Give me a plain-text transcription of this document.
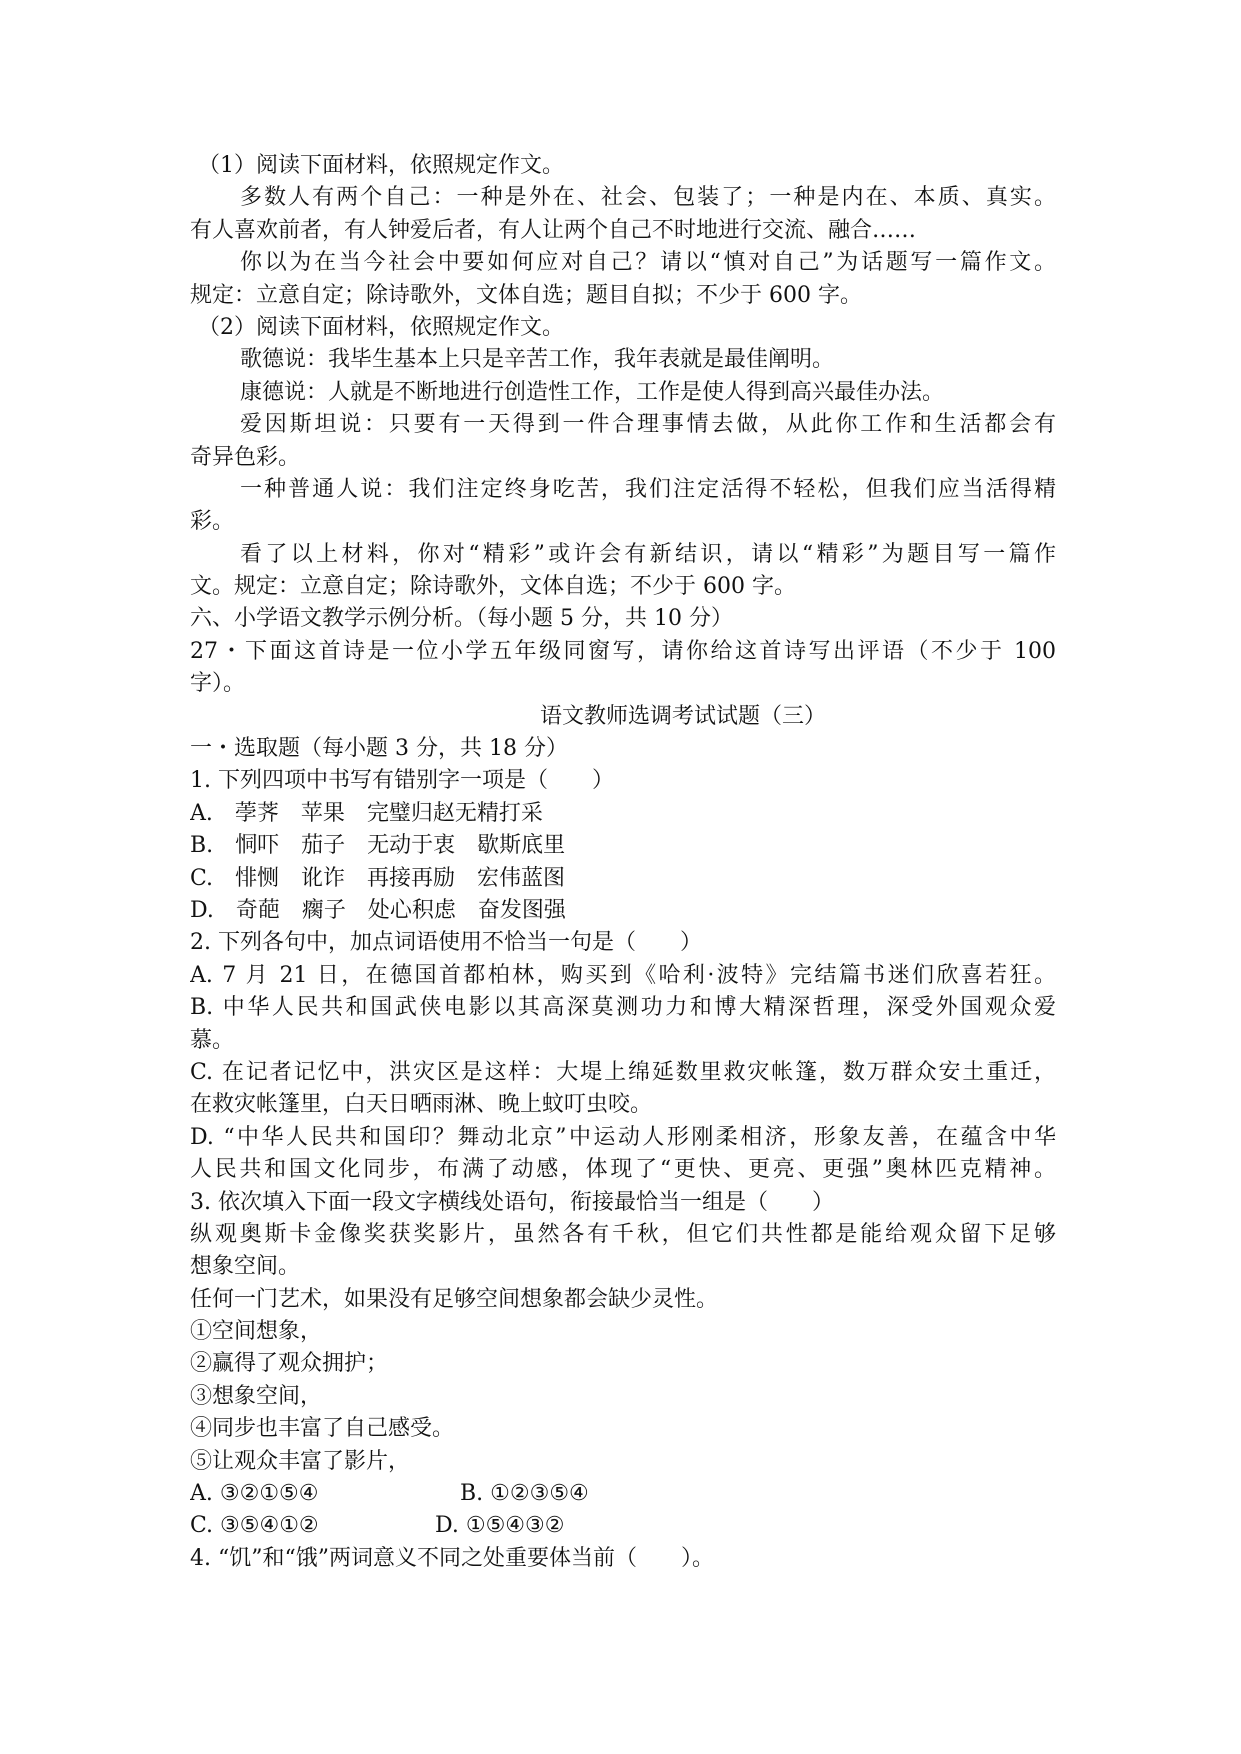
（1）阅读下面材料，依照规定作文。
多数人有两个自己：一种是外在、社会、包装了；一种是内在、本质、真实。
有人喜欢前者，有人钟爱后者，有人让两个自己不时地进行交流、融合……
你以为在当今社会中要如何应对自己？请以“慎对自己”为话题写一篇作文。
规定：立意自定；除诗歌外，文体自选；题目自拟；不少于 600 字。
（2）阅读下面材料，依照规定作文。
歌德说：我毕生基本上只是辛苦工作，我年表就是最佳阐明。
康德说：人就是不断地进行创造性工作，工作是使人得到高兴最佳办法。
爱因斯坦说：只要有一天得到一件合理事情去做，从此你工作和生活都会有
奇异色彩。
一种普通人说：我们注定终身吃苦，我们注定活得不轻松，但我们应当活得精
彩。
看了以上材料，你对“精彩”或许会有新结识，请以“精彩”为题目写一篇作
文。规定：立意自定；除诗歌外，文体自选；不少于 600 字。
六、小学语文教学示例分析。（每小题 5 分，共 10 分）
27・下面这首诗是一位小学五年级同窗写，请你给这首诗写出评语（不少于 100
字）。
语文教师选调考试试题（三）
一・选取题（每小题 3 分，共 18 分）
1. 下列四项中书写有错别字一项是（　　）
A.　荸荠　苹果　完璧归赵无精打采
B.　恫吓　茄子　无动于衷　歇斯底里
C.　悱恻　讹诈　再接再励　宏伟蓝图
D.　奇葩　瘸子　处心积虑　奋发图强
2. 下列各句中，加点词语使用不恰当一句是（　　）
A. 7 月 21 日，在德国首都柏林，购买到《哈利·波特》完结篇书迷们欣喜若狂。
B. 中华人民共和国武侠电影以其高深莫测功力和博大精深哲理，深受外国观众爱
慕。
C. 在记者记忆中，洪灾区是这样：大堤上绵延数里救灾帐篷，数万群众安土重迁，
在救灾帐篷里，白天日晒雨淋、晚上蚊叮虫咬。
D. “中华人民共和国印？舞动北京”中运动人形刚柔相济，形象友善，在蕴含中华
人民共和国文化同步，布满了动感，体现了“更快、更亮、更强”奥林匹克精神。
3. 依次填入下面一段文字横线处语句，衔接最恰当一组是（　　）
纵观奥斯卡金像奖获奖影片，虽然各有千秋，但它们共性都是能给观众留下足够
想象空间。
任何一门艺术，如果没有足够空间想象都会缺少灵性。
①空间想象，
②赢得了观众拥护；
③想象空间，
④同步也丰富了自己感受。
⑤让观众丰富了影片，
A. ③②①⑤④	B. ①②③⑤④
C. ③⑤④①②	D. ①⑤④③②
4. “饥”和“饿”两词意义不同之处重要体当前（　　）。
